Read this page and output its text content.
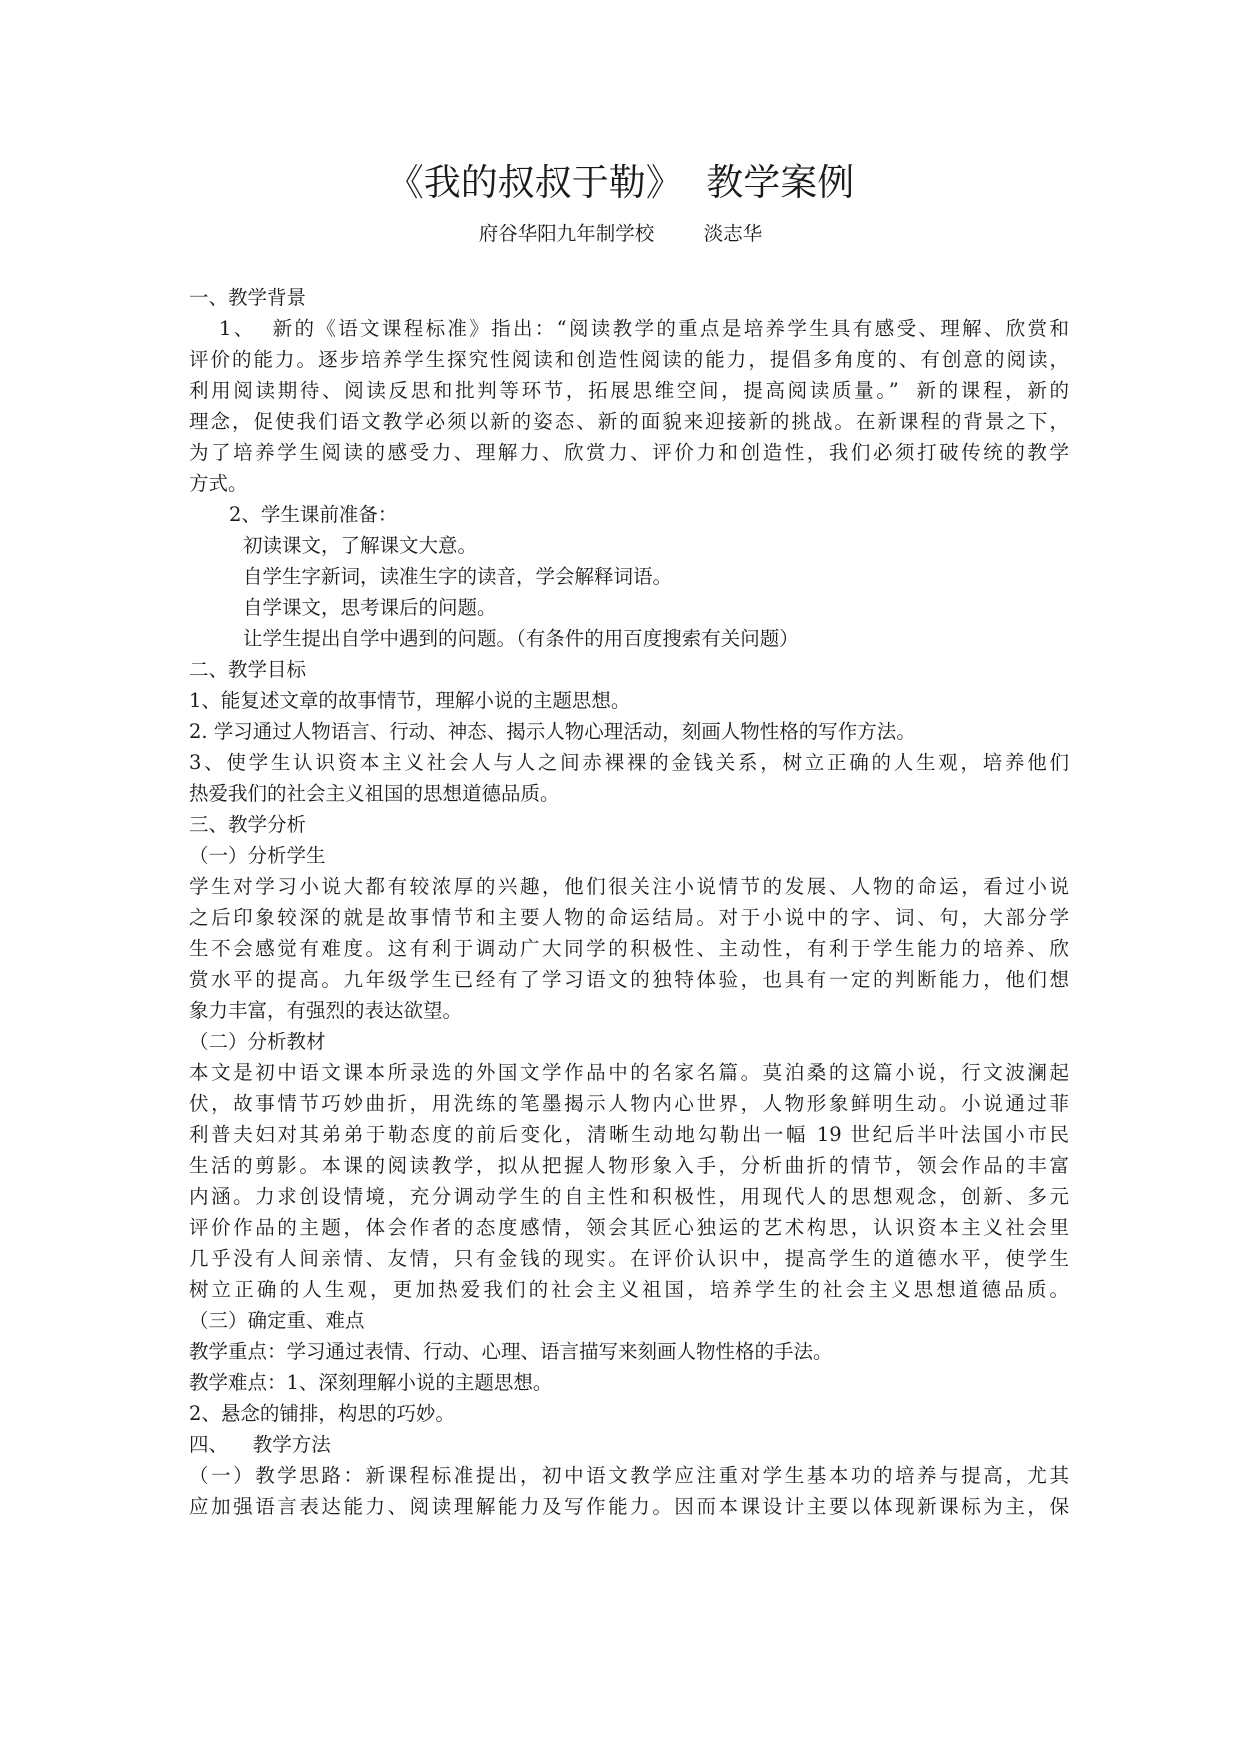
《我的叔叔于勒》  教学案例
府谷华阳九年制学校        淡志华
一、教学背景
1、  新的《语文课程标准》指出：“阅读教学的重点是培养学生具有感受、理解、欣赏和
评价的能力。逐步培养学生探究性阅读和创造性阅读的能力，提倡多角度的、有创意的阅读，
利用阅读期待、阅读反思和批判等环节，拓展思维空间，提高阅读质量。”  新的课程，新的
理念，促使我们语文教学必须以新的姿态、新的面貌来迎接新的挑战。在新课程的背景之下，
为了培养学生阅读的感受力、理解力、欣赏力、评价力和创造性，我们必须打破传统的教学
方式。
2、学生课前准备：
初读课文，了解课文大意。
自学生字新词，读准生字的读音，学会解释词语。
自学课文，思考课后的问题。
让学生提出自学中遇到的问题。（有条件的用百度搜索有关问题）
二、教学目标
1、能复述文章的故事情节，理解小说的主题思想。
2. 学习通过人物语言、行动、神态、揭示人物心理活动，刻画人物性格的写作方法。
3、使学生认识资本主义社会人与人之间赤裸裸的金钱关系，树立正确的人生观，培养他们
热爱我们的社会主义祖国的思想道德品质。
三、教学分析
（一）分析学生
学生对学习小说大都有较浓厚的兴趣，他们很关注小说情节的发展、人物的命运，看过小说
之后印象较深的就是故事情节和主要人物的命运结局。对于小说中的字、词、句，大部分学
生不会感觉有难度。这有利于调动广大同学的积极性、主动性，有利于学生能力的培养、欣
赏水平的提高。九年级学生已经有了学习语文的独特体验，也具有一定的判断能力，他们想
象力丰富，有强烈的表达欲望。
（二）分析教材
本文是初中语文课本所录选的外国文学作品中的名家名篇。莫泊桑的这篇小说，行文波澜起
伏，故事情节巧妙曲折，用洗练的笔墨揭示人物内心世界，人物形象鲜明生动。小说通过菲
利普夫妇对其弟弟于勒态度的前后变化，清晰生动地勾勒出一幅 19 世纪后半叶法国小市民
生活的剪影。本课的阅读教学，拟从把握人物形象入手，分析曲折的情节，领会作品的丰富
内涵。力求创设情境，充分调动学生的自主性和积极性，用现代人的思想观念，创新、多元
评价作品的主题，体会作者的态度感情，领会其匠心独运的艺术构思，认识资本主义社会里
几乎没有人间亲情、友情，只有金钱的现实。在评价认识中，提高学生的道德水平，使学生
树立正确的人生观，更加热爱我们的社会主义祖国，培养学生的社会主义思想道德品质。
（三）确定重、难点
教学重点：学习通过表情、行动、心理、语言描写来刻画人物性格的手法。
教学难点：1、深刻理解小说的主题思想。
2、悬念的铺排，构思的巧妙。
四、    教学方法
（一）教学思路：新课程标准提出，初中语文教学应注重对学生基本功的培养与提高，尤其
应加强语言表达能力、阅读理解能力及写作能力。因而本课设计主要以体现新课标为主，保
